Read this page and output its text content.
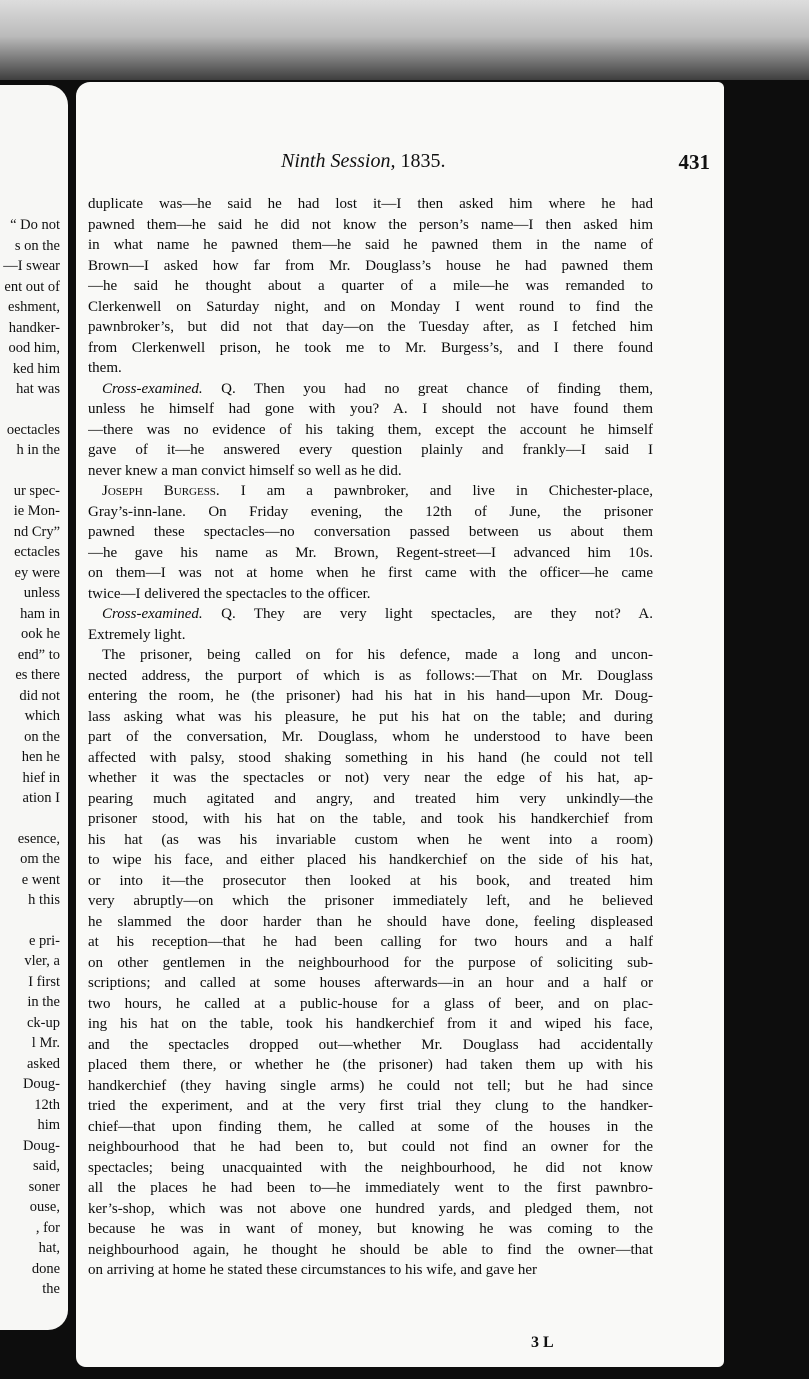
“ Do not
s on the
—I swear
ent out of
eshment,
handker-
ood him,
ked him
hat was
oectacles
h in the
ur spec-
ie Mon-
nd Cry”
ectacles
ey were
unless
ham in
ook he
end” to
es there
did not
which
on the
hen he
hief in
ation I
esence,
om the
e went
h this
e pri-
vler, a
I first
in the
ck-up
l Mr.
asked
Doug-
12th
him
Doug-
said,
soner
ouse,
, for
hat,
done
the
Ninth Session, 1835.	431
duplicate was—he said he had lost it—I then asked him where he had
pawned them—he said he did not know the person’s name—I then asked him
in what name he pawned them—he said he pawned them in the name of
Brown—I asked how far from Mr. Douglass’s house he had pawned them
—he said he thought about a quarter of a mile—he was remanded to
Clerkenwell on Saturday night, and on Monday I went round to find the
pawnbroker’s, but did not that day—on the Tuesday after, as I fetched him
from Clerkenwell prison, he took me to Mr. Burgess’s, and I there found
them.
Cross-examined. Q. Then you had no great chance of finding them,
unless he himself had gone with you? A. I should not have found them
—there was no evidence of his taking them, except the account he himself
gave of it—he answered every question plainly and frankly—I said I
never knew a man convict himself so well as he did.
Joseph Burgess. I am a pawnbroker, and live in Chichester-place,
Gray’s-inn-lane. On Friday evening, the 12th of June, the prisoner
pawned these spectacles—no conversation passed between us about them
—he gave his name as Mr. Brown, Regent-street—I advanced him 10s.
on them—I was not at home when he first came with the officer—he came
twice—I delivered the spectacles to the officer.
Cross-examined. Q. They are very light spectacles, are they not? A.
Extremely light.
The prisoner, being called on for his defence, made a long and uncon-
nected address, the purport of which is as follows:—That on Mr. Douglass
entering the room, he (the prisoner) had his hat in his hand—upon Mr. Doug-
lass asking what was his pleasure, he put his hat on the table; and during
part of the conversation, Mr. Douglass, whom he understood to have been
affected with palsy, stood shaking something in his hand (he could not tell
whether it was the spectacles or not) very near the edge of his hat, ap-
pearing much agitated and angry, and treated him very unkindly—the
prisoner stood, with his hat on the table, and took his handkerchief from
his hat (as was his invariable custom when he went into a room)
to wipe his face, and either placed his handkerchief on the side of his hat,
or into it—the prosecutor then looked at his book, and treated him
very abruptly—on which the prisoner immediately left, and he believed
he slammed the door harder than he should have done, feeling displeased
at his reception—that he had been calling for two hours and a half
on other gentlemen in the neighbourhood for the purpose of soliciting sub-
scriptions; and called at some houses afterwards—in an hour and a half or
two hours, he called at a public-house for a glass of beer, and on plac-
ing his hat on the table, took his handkerchief from it and wiped his face,
and the spectacles dropped out—whether Mr. Douglass had accidentally
placed them there, or whether he (the prisoner) had taken them up with his
handkerchief (they having single arms) he could not tell; but he had since
tried the experiment, and at the very first trial they clung to the handker-
chief—that upon finding them, he called at some of the houses in the
neighbourhood that he had been to, but could not find an owner for the
spectacles; being unacquainted with the neighbourhood, he did not know
all the places he had been to—he immediately went to the first pawnbro-
ker’s-shop, which was not above one hundred yards, and pledged them, not
because he was in want of money, but knowing he was coming to the
neighbourhood again, he thought he should be able to find the owner—that
on arriving at home he stated these circumstances to his wife, and gave her
3 L
